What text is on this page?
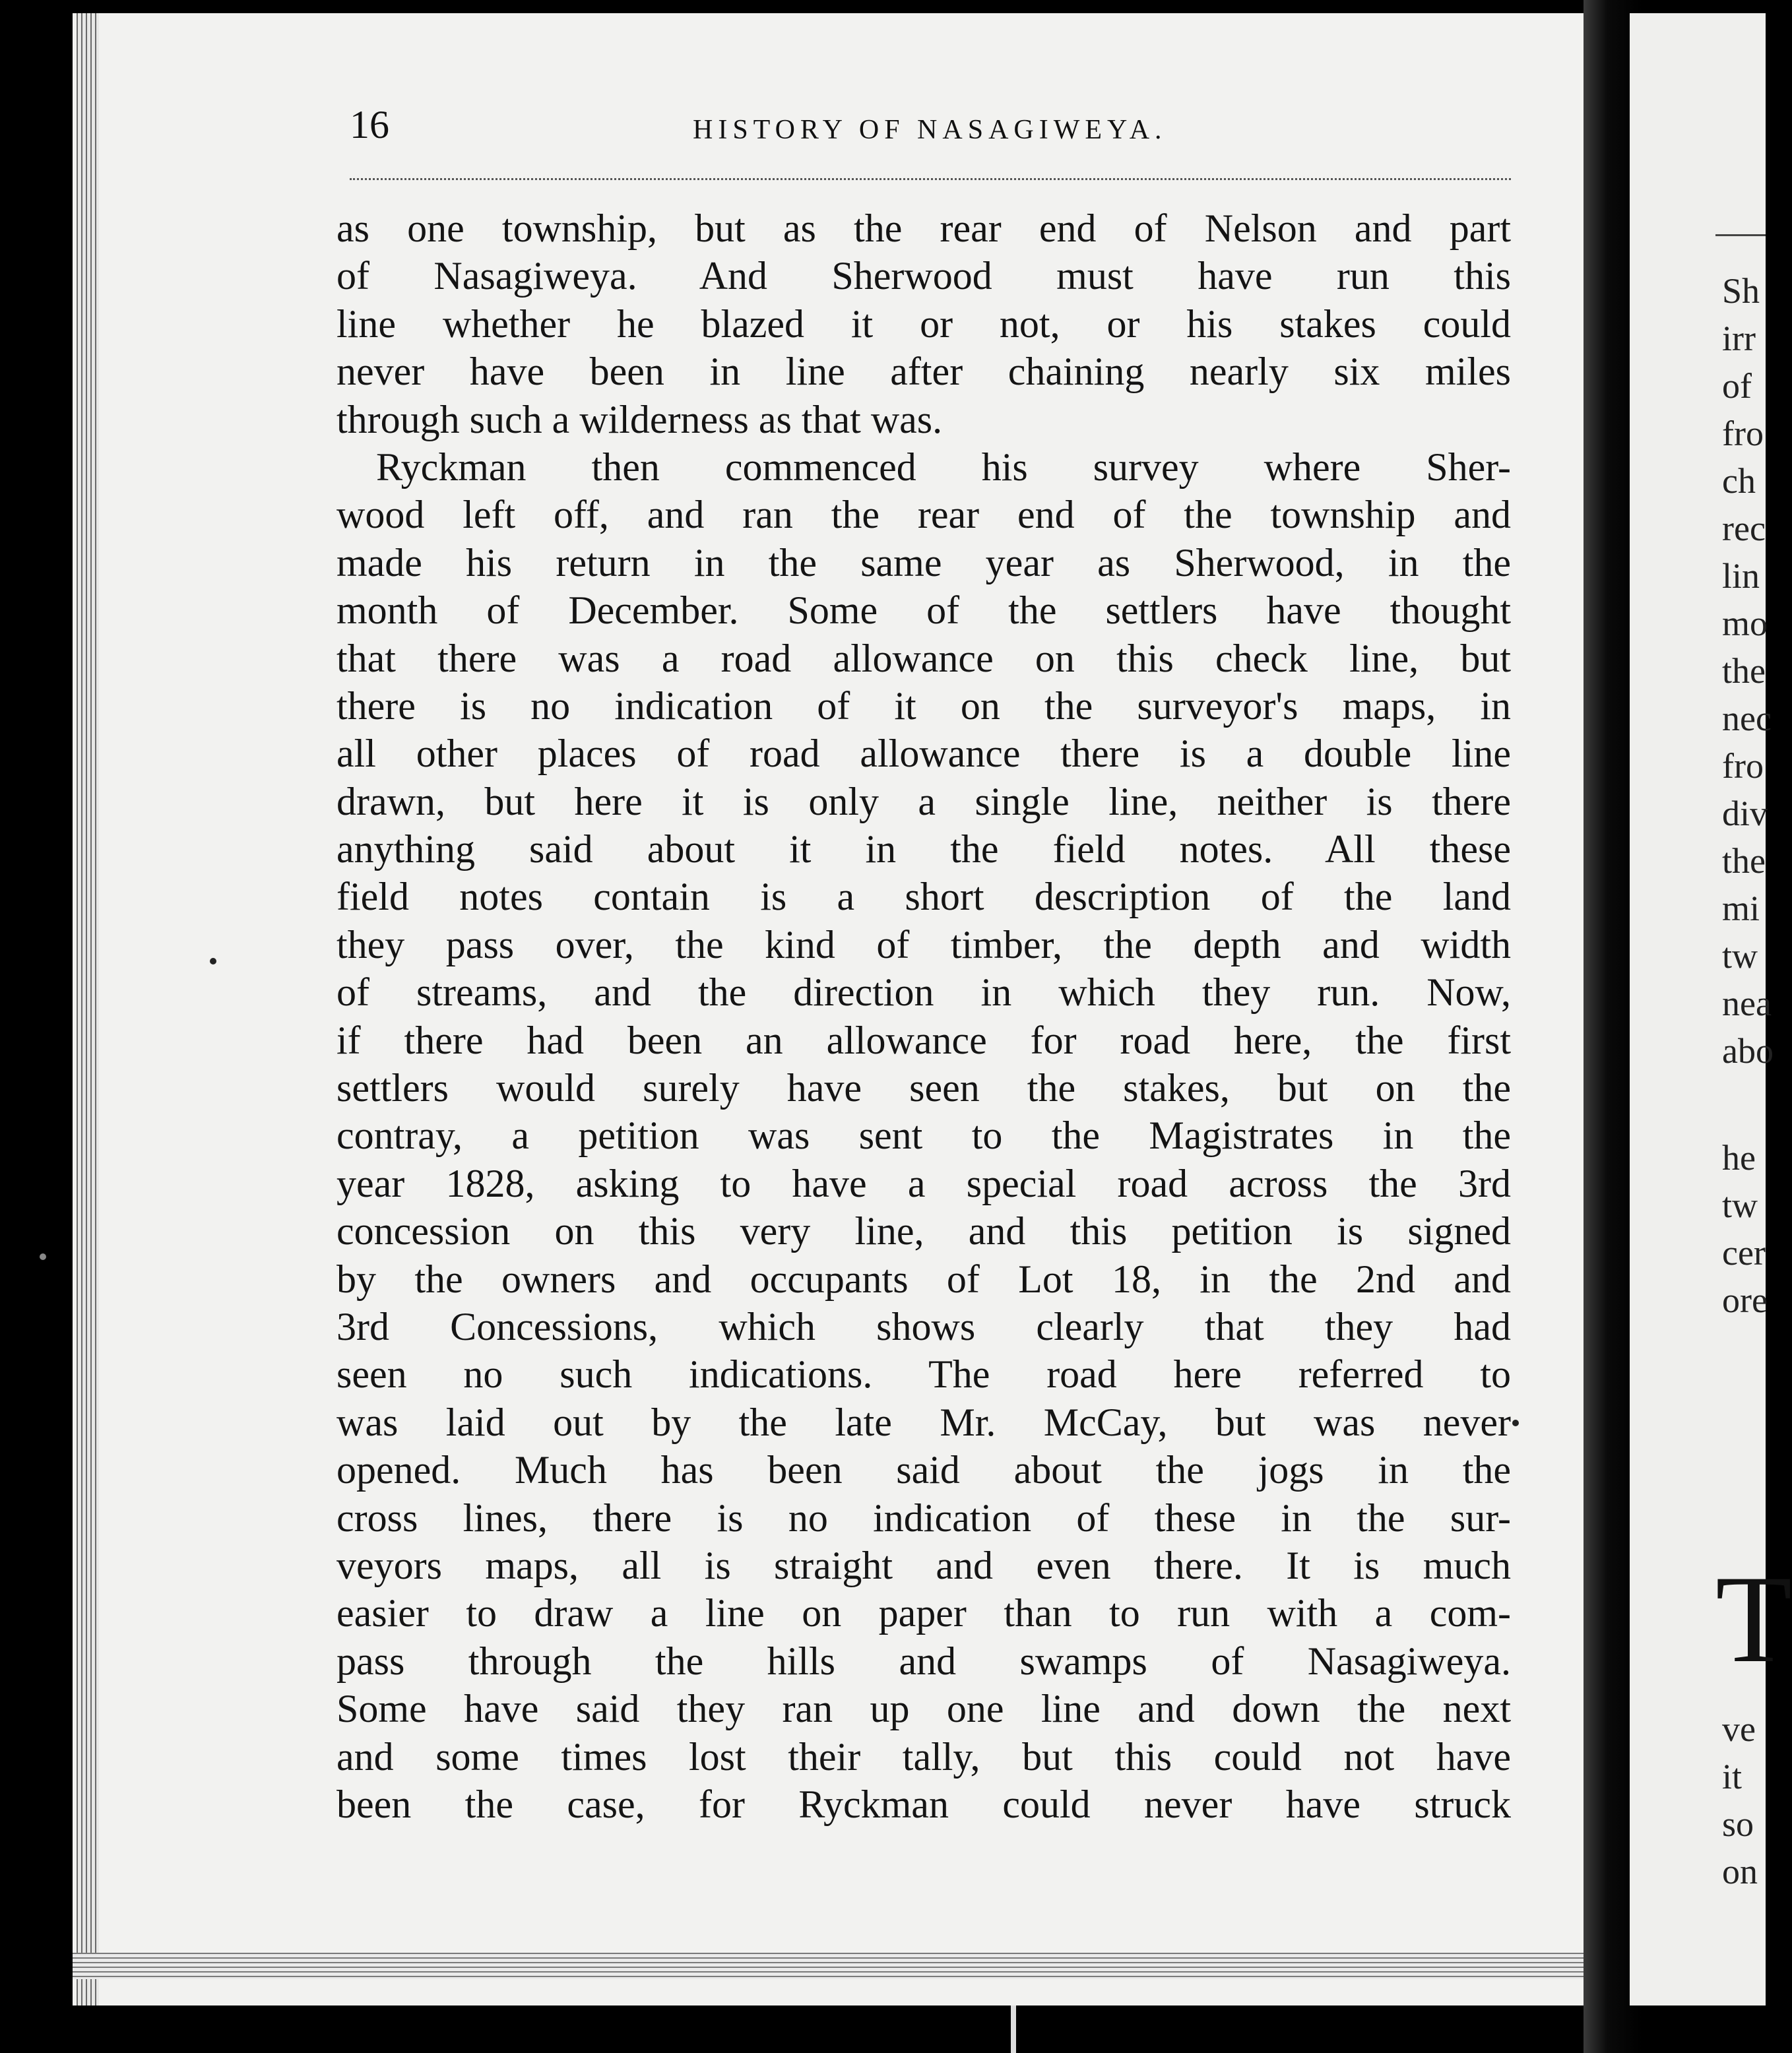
16	HISTORY OF NASAGIWEYA.
as one township, but as the rear end of Nelson and part
of Nasagiweya. And Sherwood must have run this
line whether he blazed it or not, or his stakes could
never have been in line after chaining nearly six miles
through such a wilderness as that was.
Ryckman then commenced his survey where Sher-
wood left off, and ran the rear end of the township and
made his return in the same year as Sherwood, in the
month of December. Some of the settlers have thought
that there was a road allowance on this check line, but
there is no indication of it on the surveyor's maps, in
all other places of road allowance there is a double line
drawn, but here it is only a single line, neither is there
anything said about it in the field notes. All these
field notes contain is a short description of the land
they pass over, the kind of timber, the depth and width
of streams, and the direction in which they run. Now,
if there had been an allowance for road here, the first
settlers would surely have seen the stakes, but on the
contray, a petition was sent to the Magistrates in the
year 1828, asking to have a special road across the 3rd
concession on this very line, and this petition is signed
by the owners and occupants of Lot 18, in the 2nd and
3rd Concessions, which shows clearly that they had
seen no such indications. The road here referred to
was laid out by the late Mr. McCay, but was never
opened. Much has been said about the jogs in the
cross lines, there is no indication of these in the sur-
veyors maps, all is straight and even there. It is much
easier to draw a line on paper than to run with a com-
pass through the hills and swamps of Nasagiweya.
Some have said they ran up one line and down the next
and some times lost their tally, but this could not have
been the case, for Ryckman could never have struck
Sh
irr
of
fro
ch
rec
lin
mo
the
nec
fro
div
the
mi
tw
nea
abo
he
tw
cer
ore
T
ve
it
so
on
